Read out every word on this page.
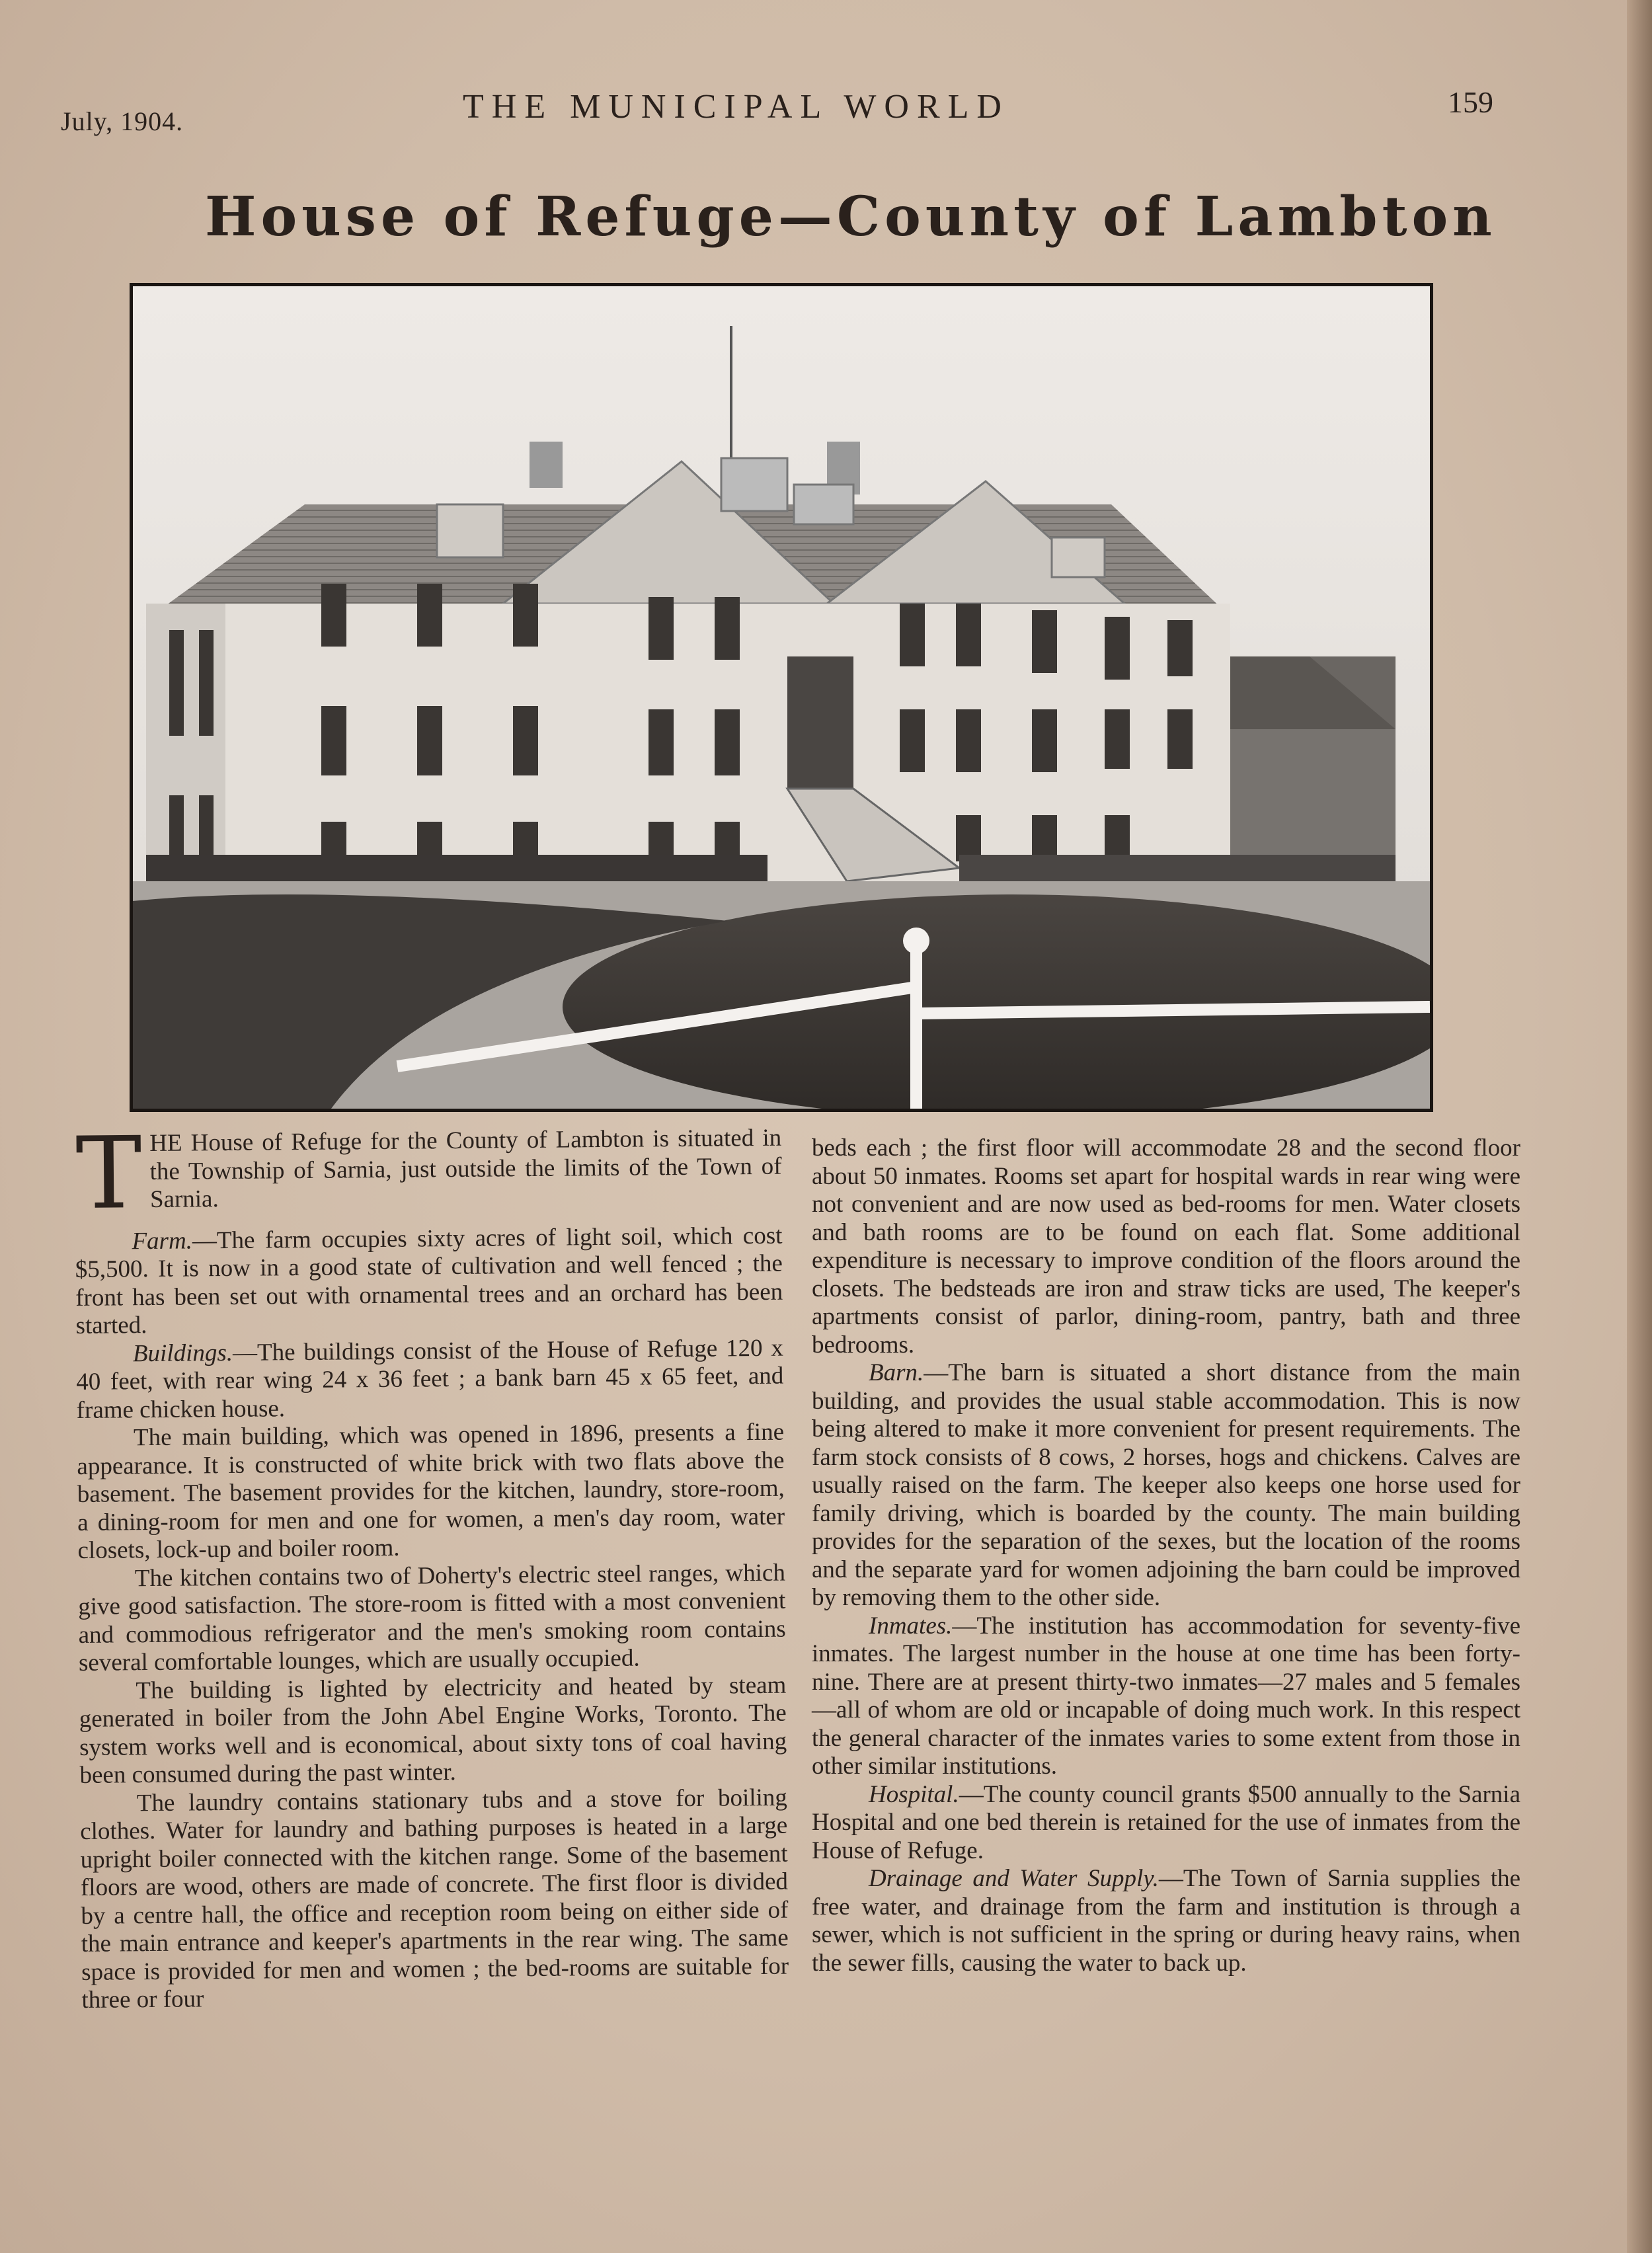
July, 1904.	THE MUNICIPAL WORLD	159
House of Refuge—County of Lambton

THE House of Refuge for the County of Lambton is situated in the Township of Sarnia, just outside the limits of the Town of Sarnia.

Farm.—The farm occupies sixty acres of light soil, which cost $5,500. It is now in a good state of cultivation and well fenced ; the front has been set out with ornamental trees and an orchard has been started.

Buildings.—The buildings consist of the House of Refuge 120 x 40 feet, with rear wing 24 x 36 feet ; a bank barn 45 x 65 feet, and frame chicken house.

The main building, which was opened in 1896, presents a fine appearance. It is constructed of white brick with two flats above the basement. The basement provides for the kitchen, laundry, store-room, a dining-room for men and one for women, a men's day room, water closets, lock-up and boiler room.

The kitchen contains two of Doherty's electric steel ranges, which give good satisfaction. The store-room is fitted with a most convenient and commodious refrigerator and the men's smoking room contains several comfortable lounges, which are usually occupied.

The building is lighted by electricity and heated by steam generated in boiler from the John Abel Engine Works, Toronto. The system works well and is economical, about sixty tons of coal having been consumed during the past winter.

The laundry contains stationary tubs and a stove for boiling clothes. Water for laundry and bathing purposes is heated in a large upright boiler connected with the kitchen range. Some of the basement floors are wood, others are made of concrete. The first floor is divided by a centre hall, the office and reception room being on either side of the main entrance and keeper's apartments in the rear wing. The same space is provided for men and women ; the bed-rooms are suitable for three or four

beds each ; the first floor will accommodate 28 and the second floor about 50 inmates. Rooms set apart for hospital wards in rear wing were not convenient and are now used as bed-rooms for men. Water closets and bath rooms are to be found on each flat. Some additional expenditure is necessary to improve condition of the floors around the closets. The bedsteads are iron and straw ticks are used, The keeper's apartments consist of parlor, dining-room, pantry, bath and three bedrooms.

Barn.—The barn is situated a short distance from the main building, and provides the usual stable accommodation. This is now being altered to make it more convenient for present requirements. The farm stock consists of 8 cows, 2 horses, hogs and chickens. Calves are usually raised on the farm. The keeper also keeps one horse used for family driving, which is boarded by the county. The main building provides for the separation of the sexes, but the location of the rooms and the separate yard for women adjoining the barn could be improved by removing them to the other side.

Inmates.—The institution has accommodation for seventy-five inmates. The largest number in the house at one time has been forty-nine. There are at present thirty-two inmates—27 males and 5 females—all of whom are old or incapable of doing much work. In this respect the general character of the inmates varies to some extent from those in other similar institutions.

Hospital.—The county council grants $500 annually to the Sarnia Hospital and one bed therein is retained for the use of inmates from the House of Refuge.

Drainage and Water Supply.—The Town of Sarnia supplies the free water, and drainage from the farm and institution is through a sewer, which is not sufficient in the spring or during heavy rains, when the sewer fills, causing the water to back up.
